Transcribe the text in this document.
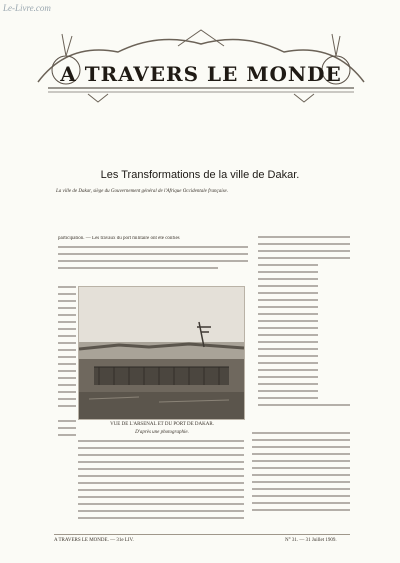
Le-Livre.com
A TRAVERS LE MONDE
Les Transformations de la ville de Dakar.
La ville de Dakar, siège du Gouvernement général de l'Afrique Occidentale française.
participation. — Les travaux du port militaire ont été confiés
VUE DE L'ARSENAL ET DU PORT DE DAKAR.
D'après une photographie.
A TRAVERS LE MONDE. — 31e LIV.	N° 31. — 31 Juillet 1909.
